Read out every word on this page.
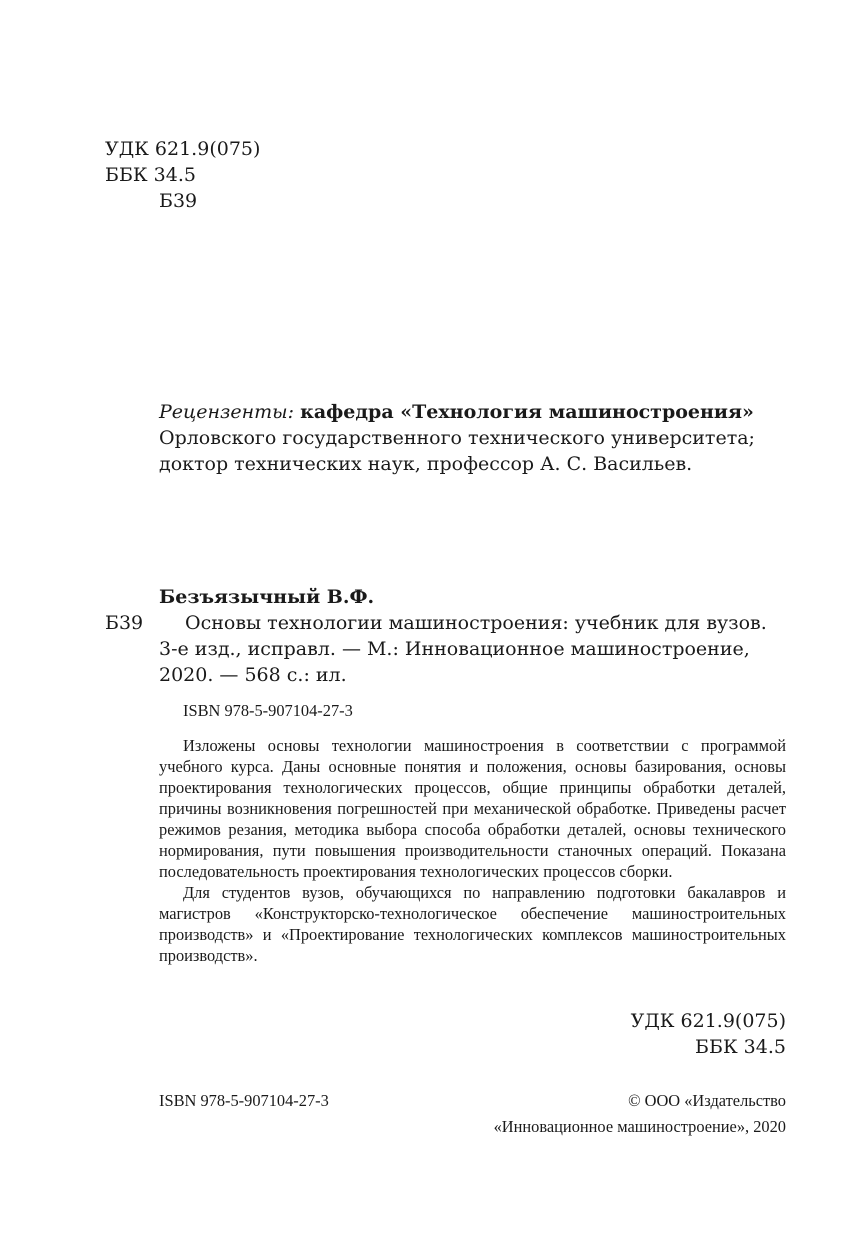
УДК 621.9(075)
ББК 34.5
Б39
Рецензенты: кафедра «Технология машиностроения»
Орловского государственного технического университета;
доктор технических наук, профессор А. С. Васильев.
Безъязычный В.Ф.
Б39	Основы технологии машиностроения: учебник для вузов.
3-е изд., исправл. — М.: Инновационное машиностроение,
2020. — 568 с.: ил.
ISBN 978-5-907104-27-3

Изложены основы технологии машиностроения в соответствии с программой учебного курса. Даны основные понятия и положения, основы базирования, основы проектирования технологических процессов, общие принципы обработки деталей, причины возникновения погрешностей при механической обработке. Приведены расчет режимов резания, методика выбора способа обработки деталей, основы технического нормирования, пути повышения производительности станочных операций. Показана последовательность проектирования технологических процессов сборки.

Для студентов вузов, обучающихся по направлению подготовки бакалавров и магистров «Конструкторско-технологическое обеспечение машиностроительных производств» и «Проектирование технологических комплексов машиностроительных производств».

УДК 621.9(075)
ББК 34.5
ISBN 978-5-907104-27-3	© ООО «Издательство
«Инновационное машиностроение», 2020
